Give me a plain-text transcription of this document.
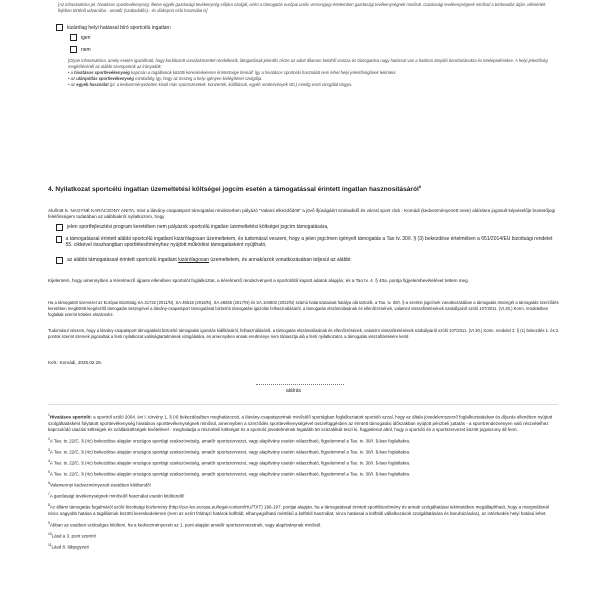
[Az infrastruktúra jel. hivatásos sportlevékenység: illetve egyéb gazdasági tevékenység céljára szolgál, ezért a támogatás európai uniós versenyjogi értelemben gazdasági tevékenységnek minősül. Gazdasági tevékenységnek minősül a bérbeadás útján, ellenérték fejében történő udvarrúba - amatőr (szabadidős)-, és diáksport célú használat is]
kizárólag helyi hatással bíró sportcélú ingatlan 7
igen
nem
[Olyan infrastruktúra, amely esetén igazolható, hogy korlátozott vonzáskörzettel rendelkezik, látogatóinak jelentős része az adott államon belülről vonzza és támogatása nagy hatással van a határon átnyúló beruházásokra és letelepedésekre. A helyi jelentőség megítélésénél az alábbi szempontok az irányadók:
• a hivatásos sportlevékenység kapcsán a tagállamok közötti kereskedelemre érintettsége fennáll: így a hivatásos sportcélú használat nem lehet helyi jelentőségűnek tekinteni.
• az utánpótlás sportlevékenység mindaddig így, hogy az összeg a helyi igényen kielégítését szolgálja.
• az egyéb használat (pl. a kedvezményezetten kívüli más sportrszezetek, konzertek, kiállítások, egyéb rendezvények stb.) mindig eseti vizsgálat tárgya.
4. Nyilatkozat sportcélú ingatlan üzemeltetési költségei jogcím esetén a támogatással érintett ingatlan hasznosításáról$^8$
Alulírott K. NAGYNÉ KARÁCSONY ANITA, mint a látvány-csapatsport támogatási rendszerben pályázó "Valami elkezdődött" a jövő ifjúságáért szabadidő és városi sport club - Komádi (kedvezményezett neve) aláírásra jogosult képviselője büntetőjogi felelősségem tudatában az alábbiakról nyilatkozom, hogy
jelen sportfejlesztési program keretében nem pályázok sportcélú ingatlan üzemeltetési költségei jogcím támogatására,
a támogatással érintett alábbi sportcélú ingatlant kizárólagosan üzemeltetem, és tudomásul veszem, hogy a jelen jogcímen igényelt támogatás a Tao tv. 30/I. § (3) bekezdése értelmében a 651/2014/EU bizottsági rendelet 55. cikkével összhangban sportlétesítményhez nyújtott működési támogatásként nyújtható,
az alábbi támogatással érintett sportcélú ingatlant kizárólagosan üzemeltetem, és annak/azok vonatkozásában teljesül az alábbi:
Kijelentem, hogy amennyiben a Kérelmező újpass ellenében sportolót foglalkoztat, a kérelmező rendezvényeit a sportolótól kapott adatok alapján, és a Tao tv. 4. § 40a. pontja figyelembevételével tettem meg.
Ha a támogatott szervezet az Európai Bizottság SA.31722 (2011/N), SA.46515 (2016/N), SA.48265 (2017/N) és SA.104802 (2022/N) számú határozatainak hatálya alá tartozik, a Tao. tv. 30/I. §-a szerinti jogcímek vonatkozásában a támogatás összegét a támogatás szerződés keretében megkötött kiegészítő támogatás összegével a látvány-csapatsport támogatását biztosító támogatási igazolás felhasználásáról, a támogatás elszámolásának és ellenőrzésének, valamint visszafizetésének szabályairól szóló 107/2011. (VI.30.) Korm. rendeletben foglaltak szerint köteles elszámolni.
Tudomásul veszem, hogy a látvány-csapatsport támogatását biztosító támogatási igazolás kiállításáról, felhasználásáról, a támogatás elszámolásának és ellenőrzésének, valamint visszafizetésének szabályairól szóló 107/2011. (VI.30.) Korm. rendelet 2. § (1) bekezdés 1. és 2. pontok szerint szervek jogosultak a fenti nyilatkozat valóságtartalmának vizsgálatára, és amennyiben annak eredménye nem támasztja alá a fenti nyilatkozatot, a támogatás visszafizetésére kerül.
Kelt.: Komádi, 2025.02.26.
aláírás
$^1$Hivatásos sportoló: a sportról szóló 2004. évi I. törvény 1. § (4) bekezdésében meghatározott, a látvány-csapatsportnak minősülő sportágban foglalkoztatott sportoló azzal, hogy az általa jövedelemszerző foglalkoztatásban és díjazás ellenében nyújtott szolgáltatásként folytatott sporttevékenység hivatásos sporttevékenységnek minősül, amennyiben a szerződés sporttevékenységével összefüggésben az érintett támogatási időszakban nyújtott pénzbeli juttatás - a sporrtrendezvényen való részvételhez kapcsolódó utazási költségek és szállásköltségek kivételével - meghaladja a részvételi költséget és a sportoló jövedelmének legalább 50 százalékát teszi ki, függetlenül attól, hogy a sportoló és a sportszervezet között jogviszony áll fenn.
$^2$A Tao. tv. 22/C. § (4c) bekezdése alapján országos sportági szakszövetség, amatőr sportszervezet, vagy alapítvány esetén választható, figyelemmel a Tao. tv. 30/I. §-ban foglaltakra.
$^3$A Tao. tv. 22/C. § (4c) bekezdése alapján országos sportági szakszövetség, amatőr sportszervezet, vagy alapítvány esetén választható, figyelemmel a Tao. tv. 30/I. §-ban foglaltakra.
$^4$A Tao. tv. 22/C. § (4c) bekezdése alapján országos sportági szakszövetség, amatőr sportszervezet, vagy alapítvány esetén választható, figyelemmel a Tao. tv. 30/I. §-ban foglaltakra.
$^5$A Tao. tv. 22/C. § (4c) bekezdése alapján országos sportági szakszövetség, amatőr sportszervezet, vagy alapítvány esetén választható, figyelemmel a Tao. tv. 30/I. §-ban foglaltakra.
$^6$Valamennyi kedvezményezett esetében kitöltendő!
$^7$A gazdasági tevékenységnek minősülő használat esetén kitöltendő!
$^8$Az állami támogatás fogalmáról szóló bizottsági közlemény (http://eur-lex.europa.eu/legal-content/HU/TXT) 196-197. pontjai alapján, ha a támogatással érintett sportlétesítmény és annak szolgáltatásai tekintetében megállapítható, hogy a marginálisnál nincs nagyobb hatása a tagállamok közötti kereskedelemre (nem az ezért földrajzi határok külföldi; elhanyagolható mértékű a külföldi használat; nincs hatással a külföldi vállalkozások szolgáltatására és beruházására), az intézkedés helyi hatású lehet.
$^9$Abban az esetben szükséges kitölteni, ha a kedvezményezett az 1. pont alapján amatőr sportszervezetnek, vagy alapítványnak minősül.
$^{10}$Lásd a 3. pont szerint!
$^{11}$Lásd 8. lábjegyzet!
